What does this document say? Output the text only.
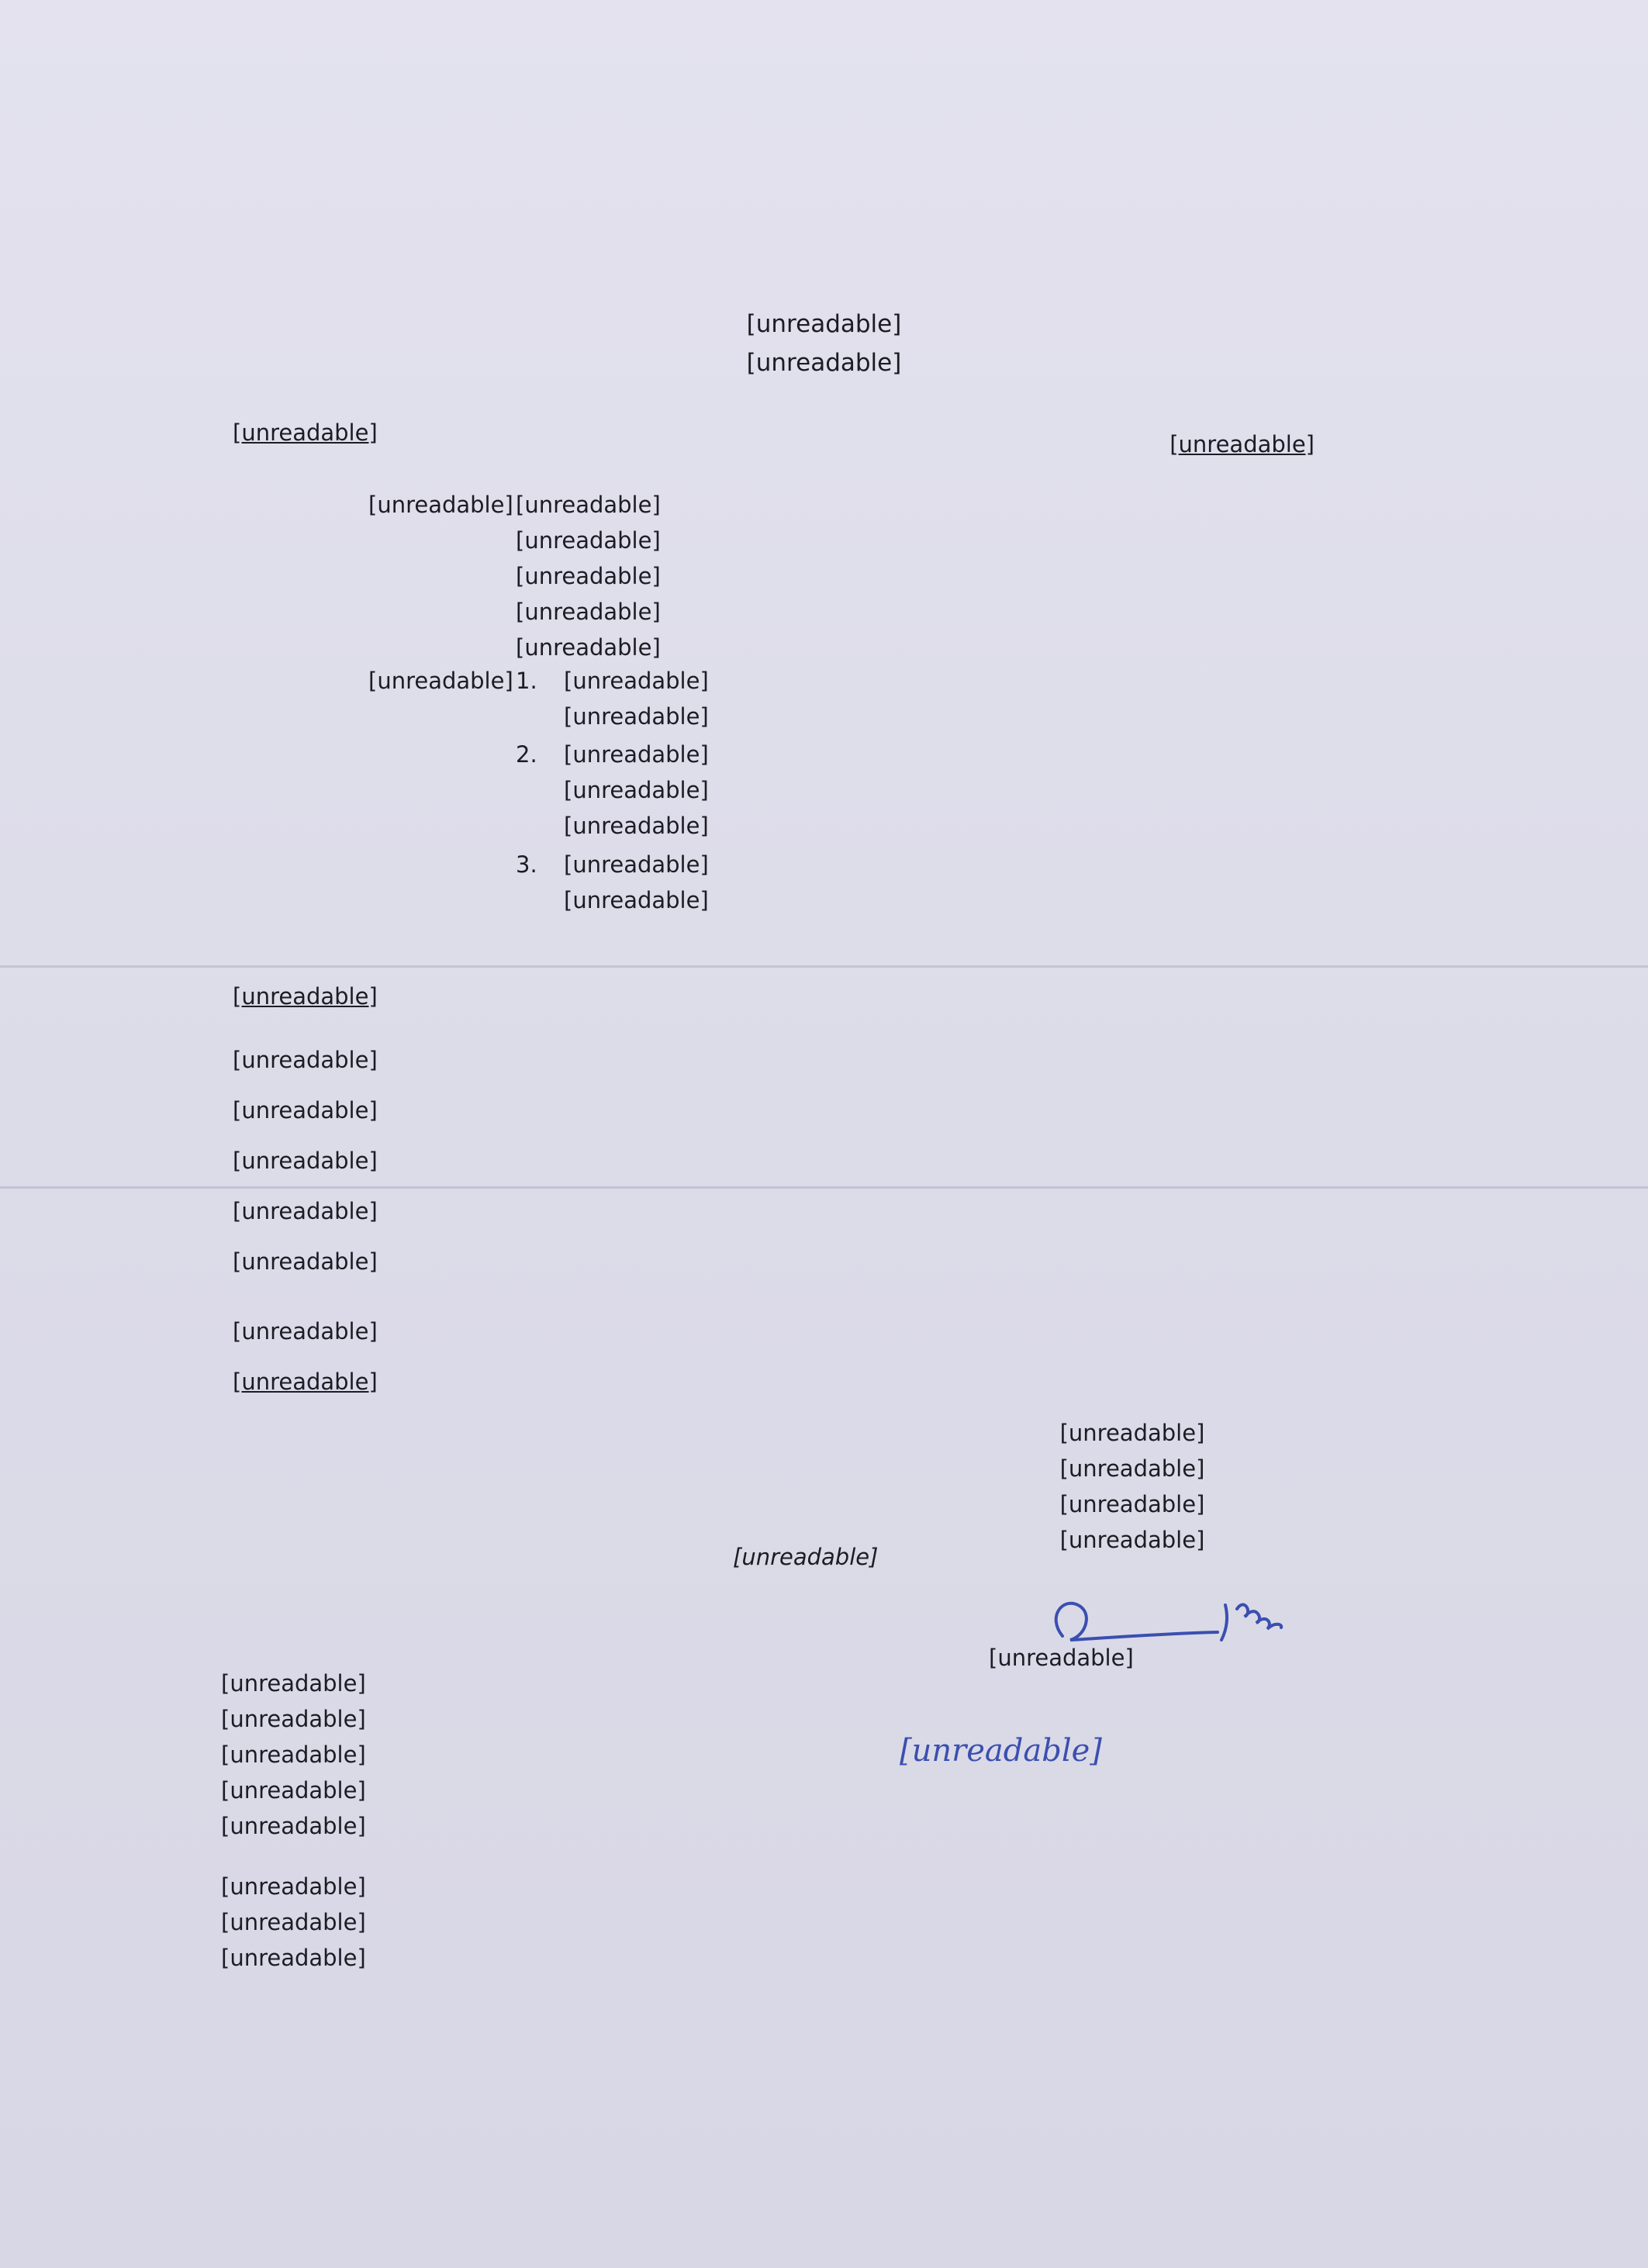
[unreadable]
[unreadable]
[unreadable]	[unreadable]
[unreadable] [unreadable]
[unreadable]
[unreadable]
[unreadable]
[unreadable]
[unreadable] 1. [unreadable]
[unreadable]
2. [unreadable]
[unreadable]
[unreadable]
3. [unreadable]
[unreadable]
[unreadable]
[unreadable]
[unreadable]
[unreadable]
[unreadable]
[unreadable]
[unreadable]
[unreadable]
[unreadable]
[unreadable]
[unreadable]
[unreadable]
[unreadable]
[unreadable]
[unreadable]
[unreadable]
[unreadable]
[unreadable]
[unreadable]
[unreadable]
[unreadable]
[unreadable]
[unreadable]
